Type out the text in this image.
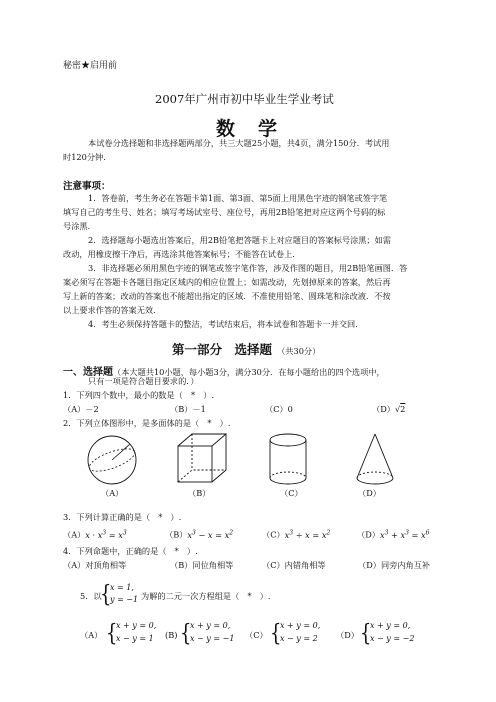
秘密★启用前
2007年广州市初中毕业生学业考试
数　学
本试卷分选择题和非选择题两部分，共三大题25小题，共4页，满分150分．考试用
时120分钟．
注意事项：
1．答卷前，考生务必在答题卡第1面、第3面、第5面上用黑色字迹的钢笔或签字笔
填写自己的考生号、姓名；填写考场试室号、座位号，再用2B铅笔把对应这两个号码的标
号涂黑．
2．选择题每小题选出答案后，用2B铅笔把答题卡上对应题目的答案标号涂黑；如需
改动，用橡皮擦干净后，再选涂其他答案标号；不能答在试卷上．
3．非选择题必须用黑色字迹的钢笔或签字笔作答，涉及作图的题目，用2B铅笔画图．答
案必须写在答题卡各题目指定区域内的相应位置上；如需改动，先划掉原来的答案，然后再
写上新的答案；改动的答案也不能超出指定的区域．不准使用铅笔、圆珠笔和涂改液．不按
以上要求作答的答案无效．
4．考生必须保持答题卡的整洁，考试结束后，将本试卷和答题卡一并交回．
第一部分　选择题 （共30分）
一、选择题（本大题共10小题，每小题3分，满分30分．在每小题给出的四个选项中，
只有一项是符合题目要求的．）
1．下列四个数中，最小的数是（　*　）.
（A）－2	（B）－1	（C）0	（D）√2
2．下列立体图形中，是多面体的是（　*　）.
（A）	（B）	（C）	（D）
3．下列计算正确的是（　*　）.
$(A)x \cdot x^3 = x^3$	$(B)x^3 - x = x^2$	$(C)x^3 \div x = x^2$	$(D)x^3 + x^3 = x^6$
4．下列命题中，正确的是（　*　）.
（A）对顶角相等	（B）同位角相等	（C）内错角相等	（D）同旁内角互补
5．以
{
x = 1,
y = −1 为解的二元一次方程组是（　*　）.
（A） {
x + y = 0,
x − y = 1	(B) {
x + y = 0,
x − y = −1 （C） {
x + y = 0,
x − y = 2	（D） {
x + y = 0,
x − y = −2
